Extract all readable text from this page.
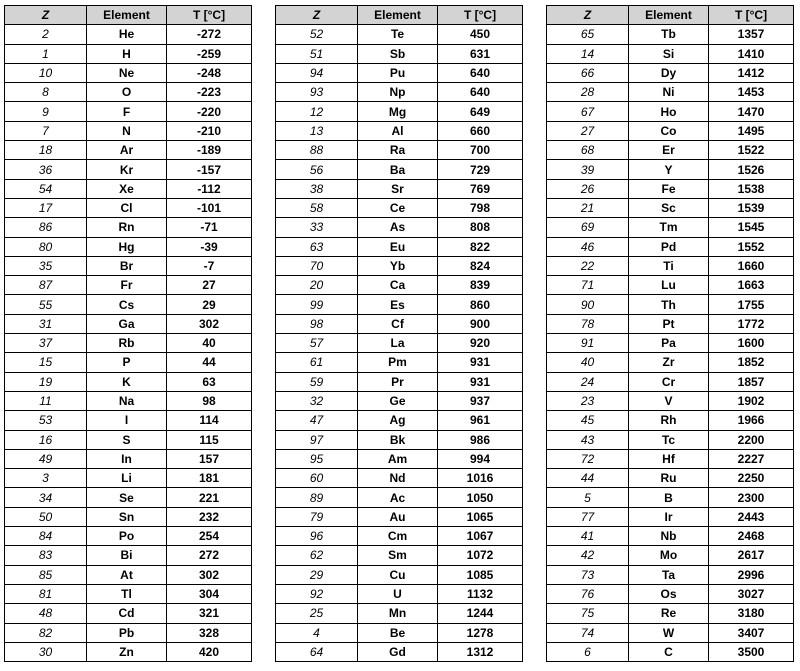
Z	Element	T [°C]
2	He	-272
1	H	-259
10	Ne	-248
8	O	-223
9	F	-220
7	N	-210
18	Ar	-189
36	Kr	-157
54	Xe	-112
17	Cl	-101
86	Rn	-71
80	Hg	-39
35	Br	-7
87	Fr	27
55	Cs	29
31	Ga	302
37	Rb	40
15	P	44
19	K	63
11	Na	98
53	I	114
16	S	115
49	In	157
3	Li	181
34	Se	221
50	Sn	232
84	Po	254
83	Bi	272
85	At	302
81	Tl	304
48	Cd	321
82	Pb	328
30	Zn	420
Z	Element	T [°C]
52	Te	450
51	Sb	631
94	Pu	640
93	Np	640
12	Mg	649
13	Al	660
88	Ra	700
56	Ba	729
38	Sr	769
58	Ce	798
33	As	808
63	Eu	822
70	Yb	824
20	Ca	839
99	Es	860
98	Cf	900
57	La	920
61	Pm	931
59	Pr	931
32	Ge	937
47	Ag	961
97	Bk	986
95	Am	994
60	Nd	1016
89	Ac	1050
79	Au	1065
96	Cm	1067
62	Sm	1072
29	Cu	1085
92	U	1132
25	Mn	1244
4	Be	1278
64	Gd	1312
Z	Element	T [°C]
65	Tb	1357
14	Si	1410
66	Dy	1412
28	Ni	1453
67	Ho	1470
27	Co	1495
68	Er	1522
39	Y	1526
26	Fe	1538
21	Sc	1539
69	Tm	1545
46	Pd	1552
22	Ti	1660
71	Lu	1663
90	Th	1755
78	Pt	1772
91	Pa	1600
40	Zr	1852
24	Cr	1857
23	V	1902
45	Rh	1966
43	Tc	2200
72	Hf	2227
44	Ru	2250
5	B	2300
77	Ir	2443
41	Nb	2468
42	Mo	2617
73	Ta	2996
76	Os	3027
75	Re	3180
74	W	3407
6	C	3500
